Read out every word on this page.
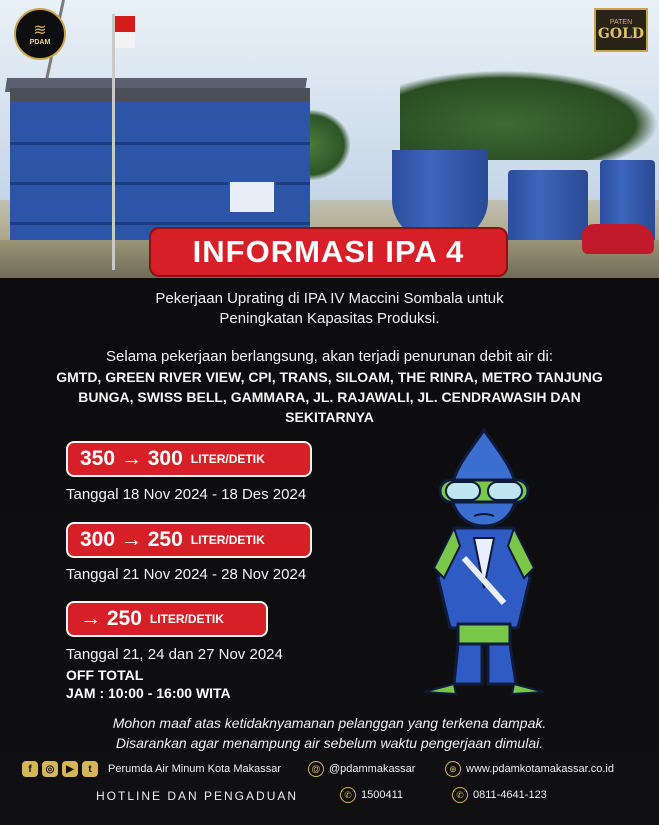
≋
PDAM
PATEN
GOLD
INFORMASI IPA 4
Pekerjaan Uprating di IPA IV Maccini Sombala untuk
Peningkatan Kapasitas Produksi.
Selama pekerjaan berlangsung, akan terjadi penurunan debit air di:
GMTD, GREEN RIVER VIEW, CPI, TRANS, SILOAM, THE RINRA, METRO TANJUNG
BUNGA, SWISS BELL, GAMMARA, JL. RAJAWALI, JL. CENDRAWASIH DAN
SEKITARNYA
350 → 300 LITER/DETIK
Tanggal 18 Nov 2024 - 18 Des 2024
300 → 250 LITER/DETIK
Tanggal 21 Nov 2024 - 28 Nov 2024
→ 250 LITER/DETIK
Tanggal 21, 24 dan 27 Nov 2024
OFF TOTAL
JAM : 10:00 - 16:00 WITA
Mohon maaf atas ketidaknyamanan pelanggan yang terkena dampak.
Disarankan agar menampung air sebelum waktu pengerjaan dimulai.
f	◎	▶	t	Perumda Air Minum Kota Makassar	@ @pdammakassar	⊕ www.pdamkotamakassar.co.id
HOTLINE DAN PENGADUAN	✆ 1500411	✆ 0811-4641-123
